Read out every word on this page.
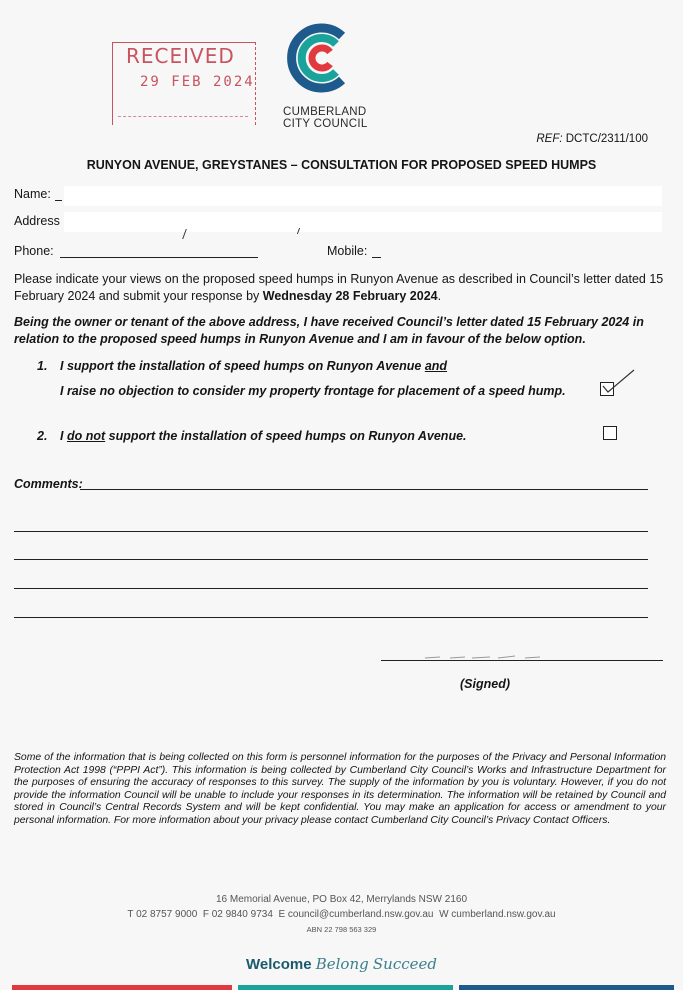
RECEIVED
29 FEB 2024
CUMBERLAND
CITY COUNCIL
REF: DCTC/2311/100
RUNYON AVENUE, GREYSTANES – CONSULTATION FOR PROPOSED SPEED HUMPS
Name:
Address
Phone:	Mobile:
Please indicate your views on the proposed speed humps in Runyon Avenue as described in Council’s letter dated 15 February 2024 and submit your response by Wednesday 28 February 2024.
Being the owner or tenant of the above address, I have received Council’s letter dated 15 February 2024 in relation to the proposed speed humps in Runyon Avenue and I am in favour of the below option.
1. I support the installation of speed humps on Runyon Avenue and
I raise no objection to consider my property frontage for placement of a speed hump.
2. I do not support the installation of speed humps on Runyon Avenue.
Comments:
(Signed)
Some of the information that is being collected on this form is personnel information for the purposes of the Privacy and Personal Information Protection Act 1998 (“PPPI Act”). This information is being collected by Cumberland City Council’s Works and Infrastructure Department for the purposes of ensuring the accuracy of responses to this survey. The supply of the information by you is voluntary. However, if you do not provide the information Council will be unable to include your responses in its determination. The information will be retained by Council and stored in Council’s Central Records System and will be kept confidential. You may make an application for access or amendment to your personal information. For more information about your privacy please contact Cumberland City Council’s Privacy Contact Officers.
16 Memorial Avenue, PO Box 42, Merrylands NSW 2160
T 02 8757 9000 F 02 9840 9734 E council@cumberland.nsw.gov.au W cumberland.nsw.gov.au
ABN 22 798 563 329
Welcome Belong Succeed
